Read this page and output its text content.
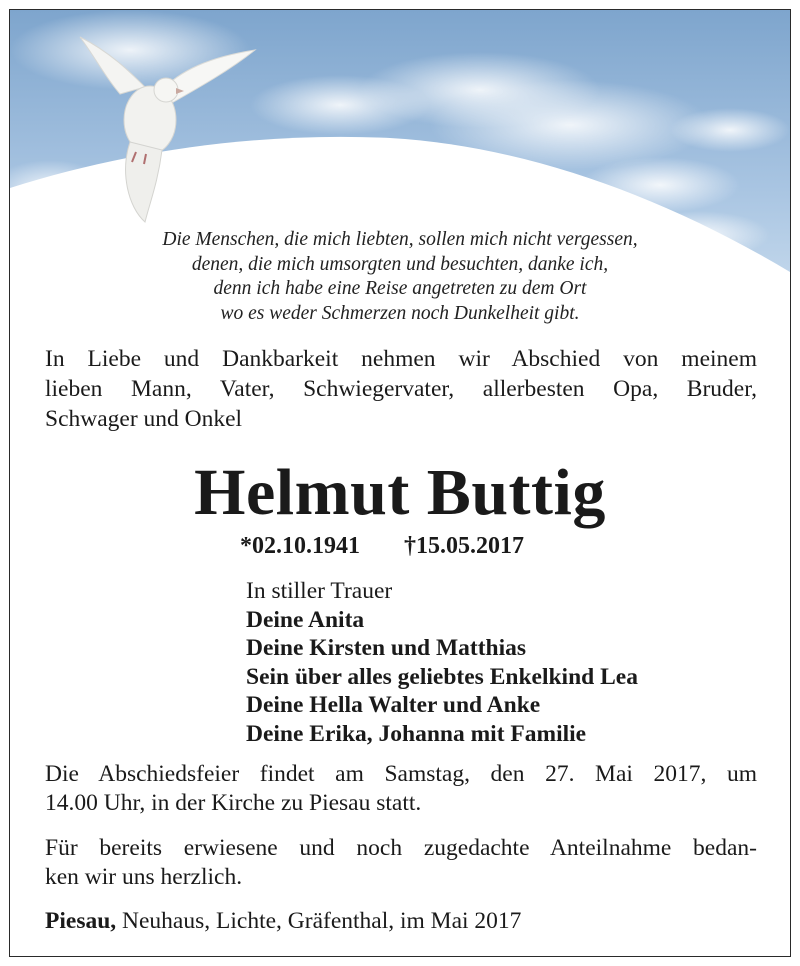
Die Menschen, die mich liebten, sollen mich nicht vergessen,
denen, die mich umsorgten und besuchten, danke ich,
denn ich habe eine Reise angetreten zu dem Ort
wo es weder Schmerzen noch Dunkelheit gibt.
In Liebe und Dankbarkeit nehmen wir Abschied von meinem
lieben Mann, Vater, Schwiegervater, allerbesten Opa, Bruder,
Schwager und Onkel
Helmut Buttig
*02.10.1941 †15.05.2017
In stiller Trauer
Deine Anita
Deine Kirsten und Matthias
Sein über alles geliebtes Enkelkind Lea
Deine Hella Walter und Anke
Deine Erika, Johanna mit Familie
Die Abschiedsfeier findet am Samstag, den 27. Mai 2017, um
14.00 Uhr, in der Kirche zu Piesau statt.
Für bereits erwiesene und noch zugedachte Anteilnahme bedan-
ken wir uns herzlich.
Piesau, Neuhaus, Lichte, Gräfenthal, im Mai 2017
